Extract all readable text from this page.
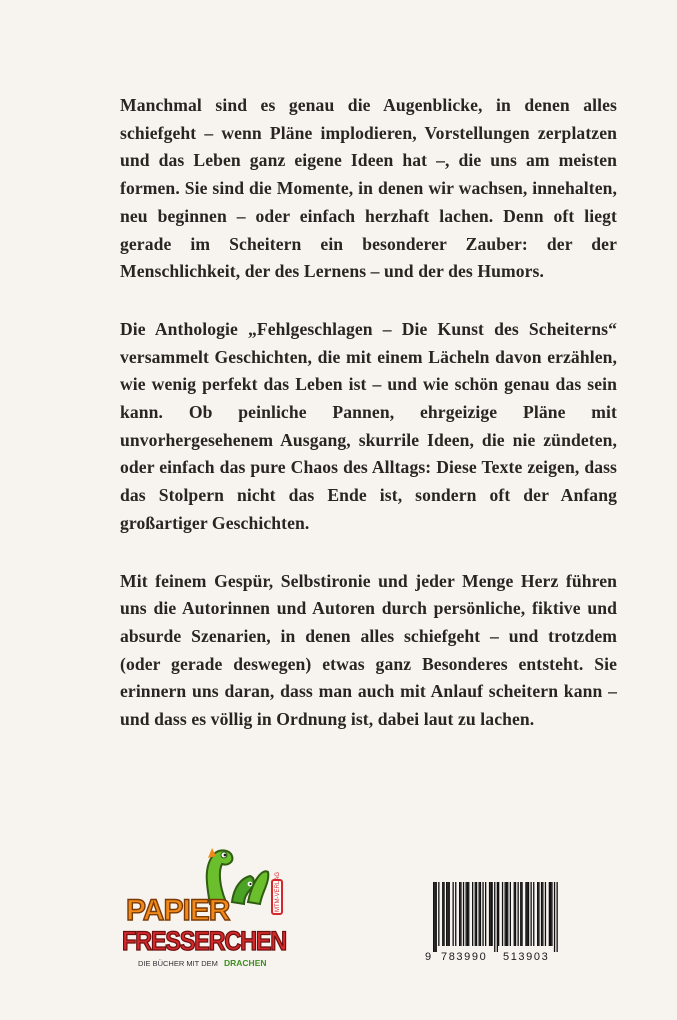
Manchmal sind es genau die Augenblicke, in denen alles schiefgeht – wenn Pläne implodieren, Vorstellungen zerplatzen und das Leben ganz eigene Ideen hat –, die uns am meisten formen. Sie sind die Momente, in denen wir wachsen, innehalten, neu beginnen – oder einfach herzhaft lachen. Denn oft liegt gerade im Scheitern ein besonderer Zauber: der der Menschlichkeit, der des Lernens – und der des Humors.

Die Anthologie „Fehlgeschlagen – Die Kunst des Scheiterns“ versammelt Geschichten, die mit einem Lächeln davon erzählen, wie wenig perfekt das Leben ist – und wie schön genau das sein kann. Ob peinliche Pannen, ehrgeizige Pläne mit unvorhergesehenem Ausgang, skurrile Ideen, die nie zündeten, oder einfach das pure Chaos des Alltags: Diese Texte zeigen, dass das Stolpern nicht das Ende ist, sondern oft der Anfang großartiger Geschichten.

Mit feinem Gespür, Selbstironie und jeder Menge Herz führen uns die Autorinnen und Autoren durch persönliche, fiktive und absurde Szenarien, in denen alles schiefgeht – und trotzdem (oder gerade deswegen) etwas ganz Besonderes entsteht. Sie erinnern uns daran, dass man auch mit Anlauf scheitern kann – und dass es völlig in Ordnung ist, dabei laut zu lachen.

PAPIER	MTM-VERLAG
FRESSERCHEN
DIE BÜCHER MIT DEM DRACHEN	9 783990 513903
